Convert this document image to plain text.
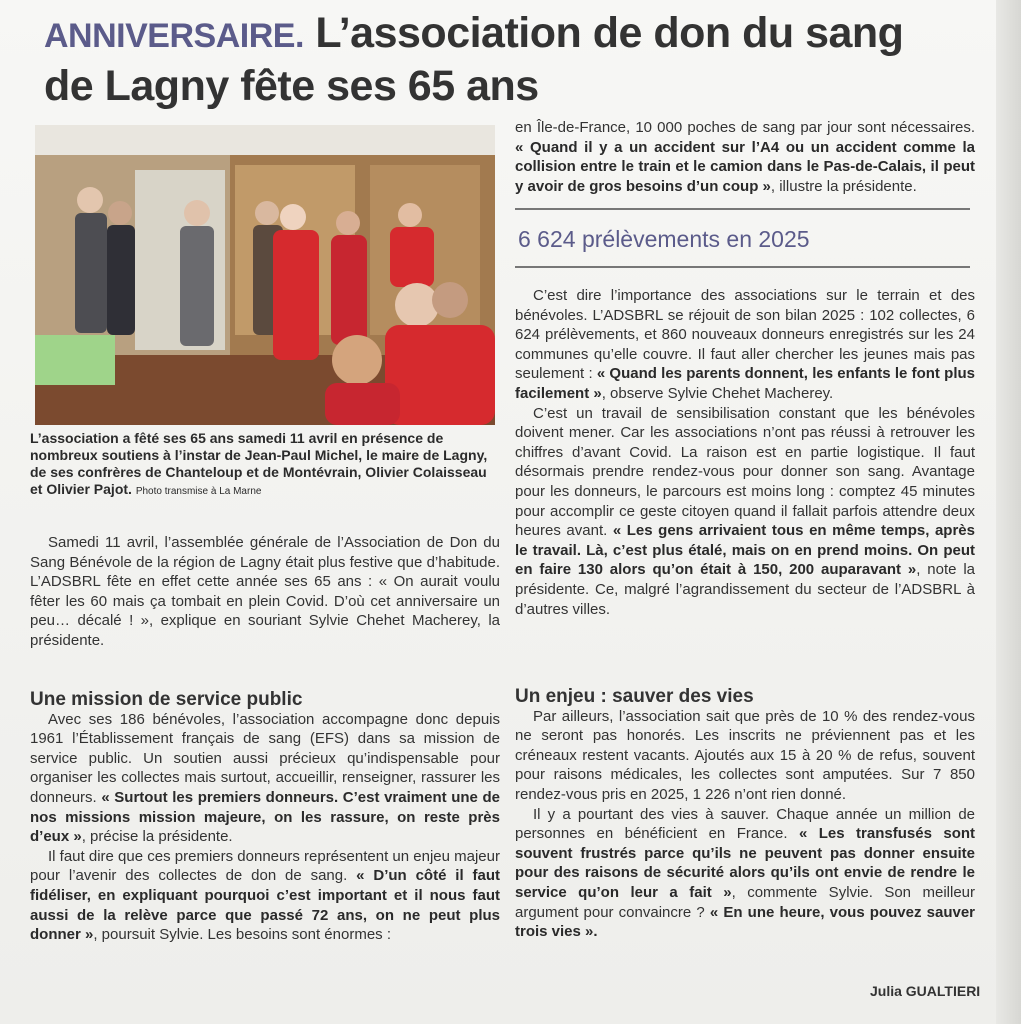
ANNIVERSAIRE. L’association de don du sang
de Lagny fête ses 65 ans
L’association a fêté ses 65 ans samedi 11 avril en présence de nombreux soutiens à l’instar de Jean-Paul Michel, le maire de Lagny, de ses confrères de Chanteloup et de Montévrain, Olivier Colaisseau et Olivier Pajot. Photo transmise à La Marne

Samedi 11 avril, l’assemblée générale de l’Association de Don du Sang Bénévole de la région de Lagny était plus festive que d’habitude. L’ADSBRL fête en effet cette année ses 65 ans : « On aurait voulu fêter les 60 mais ça tombait en plein Covid. D’où cet anniversaire un peu… décalé ! », explique en souriant Sylvie Chehet Macherey, la présidente.

Une mission de service public

Avec ses 186 bénévoles, l’association accompagne donc depuis 1961 l’Établissement français de sang (EFS) dans sa mission de service public. Un soutien aussi précieux qu’indispensable pour organiser les collectes mais surtout, accueillir, renseigner, rassurer les donneurs. « Surtout les premiers donneurs. C’est vraiment une de nos missions mission majeure, on les rassure, on reste près d’eux », précise la présidente.

Il faut dire que ces premiers donneurs représentent un enjeu majeur pour l’avenir des collectes de don de sang. « D’un côté il faut fidéliser, en expliquant pourquoi c’est important et il nous faut aussi de la relève parce que passé 72 ans, on ne peut plus donner », poursuit Sylvie. Les besoins sont énormes :

en Île-de-France, 10 000 poches de sang par jour sont nécessaires. « Quand il y a un accident sur l’A4 ou un accident comme la collision entre le train et le camion dans le Pas-de-Calais, il peut y avoir de gros besoins d’un coup », illustre la présidente.

6 624 prélèvements en 2025

C’est dire l’importance des associations sur le terrain et des bénévoles. L’ADSBRL se réjouit de son bilan 2025 : 102 collectes, 6 624 prélèvements, et 860 nouveaux donneurs enregistrés sur les 24 communes qu’elle couvre. Il faut aller chercher les jeunes mais pas seulement : « Quand les parents donnent, les enfants le font plus facilement », observe Sylvie Chehet Macherey.

C’est un travail de sensibilisation constant que les bénévoles doivent mener. Car les associations n’ont pas réussi à retrouver les chiffres d’avant Covid. La raison est en partie logistique. Il faut désormais prendre rendez-vous pour donner son sang. Avantage pour les donneurs, le parcours est moins long : comptez 45 minutes pour accomplir ce geste citoyen quand il fallait parfois attendre deux heures avant. « Les gens arrivaient tous en même temps, après le travail. Là, c’est plus étalé, mais on en prend moins. On peut en faire 130 alors qu’on était à 150, 200 auparavant », note la présidente. Ce, malgré l’agrandissement du secteur de l’ADSBRL à d’autres villes.

Un enjeu : sauver des vies

Par ailleurs, l’association sait que près de 10 % des rendez-vous ne seront pas honorés. Les inscrits ne préviennent pas et les créneaux restent vacants. Ajoutés aux 15 à 20 % de refus, souvent pour raisons médicales, les collectes sont amputées. Sur 7 850 rendez-vous pris en 2025, 1 226 n’ont rien donné.

Il y a pourtant des vies à sauver. Chaque année un million de personnes en bénéficient en France. « Les transfusés sont souvent frustrés parce qu’ils ne peuvent pas donner ensuite pour des raisons de sécurité alors qu’ils ont envie de rendre le service qu’on leur a fait », commente Sylvie. Son meilleur argument pour convaincre ? « En une heure, vous pouvez sauver trois vies ».

Julia GUALTIERI
